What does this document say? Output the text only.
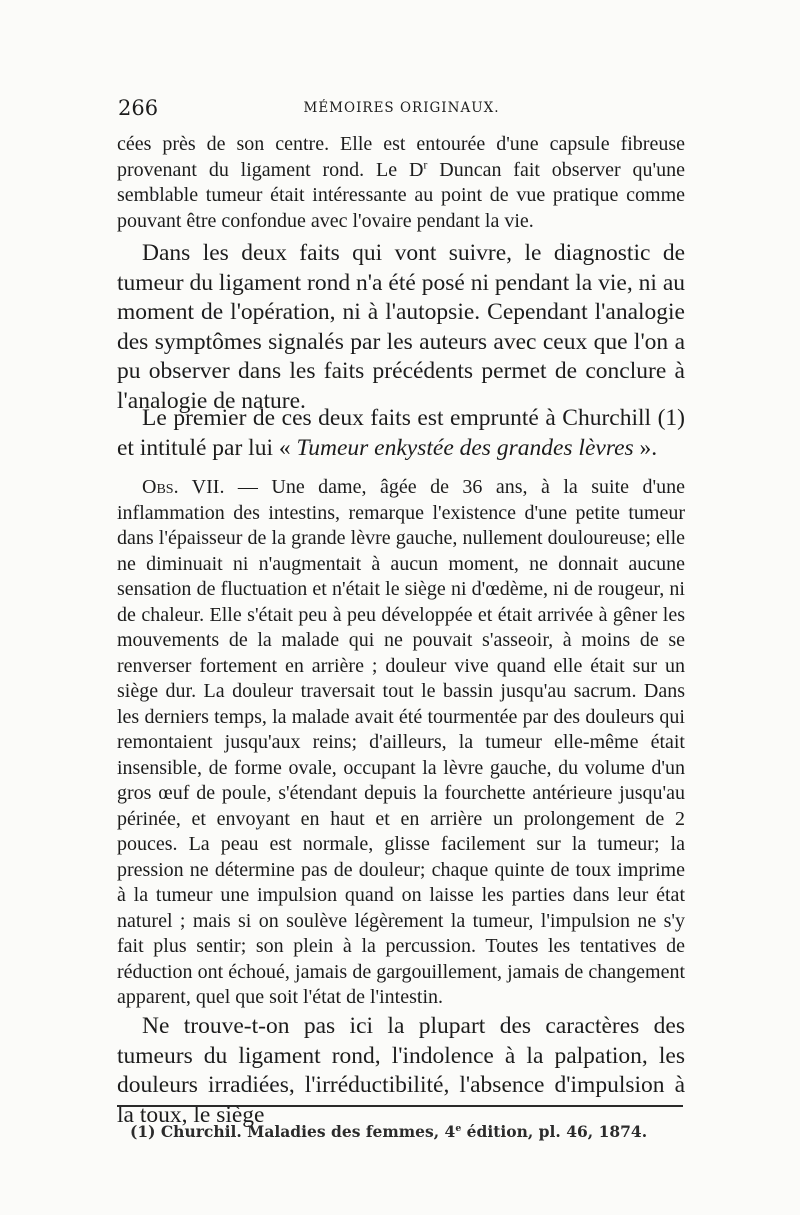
266	MÉMOIRES ORIGINAUX.

cées près de son centre. Elle est entourée d'une capsule fibreuse provenant du ligament rond. Le $D^r$ Duncan fait observer qu'une semblable tumeur était intéressante au point de vue pratique comme pouvant être confondue avec l'ovaire pendant la vie.

Dans les deux faits qui vont suivre, le diagnostic de tumeur du ligament rond n'a été posé ni pendant la vie, ni au moment de l'opération, ni à l'autopsie. Cependant l'analogie des symptômes signalés par les auteurs avec ceux que l'on a pu observer dans les faits précédents permet de conclure à l'analogie de nature.

Le premier de ces deux faits est emprunté à Churchill (1) et intitulé par lui « Tumeur enkystée des grandes lèvres ».

Obs. VII. — Une dame, âgée de 36 ans, à la suite d'une inflammation des intestins, remarque l'existence d'une petite tumeur dans l'épaisseur de la grande lèvre gauche, nullement douloureuse; elle ne diminuait ni n'augmentait à aucun moment, ne donnait aucune sensation de fluctuation et n'était le siège ni d'œdème, ni de rougeur, ni de chaleur. Elle s'était peu à peu développée et était arrivée à gêner les mouvements de la malade qui ne pouvait s'asseoir, à moins de se renverser fortement en arrière ; douleur vive quand elle était sur un siège dur. La douleur traversait tout le bassin jusqu'au sacrum. Dans les derniers temps, la malade avait été tourmentée par des douleurs qui remontaient jusqu'aux reins; d'ailleurs, la tumeur elle-même était insensible, de forme ovale, occupant la lèvre gauche, du volume d'un gros œuf de poule, s'étendant depuis la fourchette antérieure jusqu'au périnée, et envoyant en haut et en arrière un prolongement de 2 pouces. La peau est normale, glisse facilement sur la tumeur; la pression ne détermine pas de douleur; chaque quinte de toux imprime à la tumeur une impulsion quand on laisse les parties dans leur état naturel ; mais si on soulève légèrement la tumeur, l'impulsion ne s'y fait plus sentir; son plein à la percussion. Toutes les tentatives de réduction ont échoué, jamais de gargouillement, jamais de changement apparent, quel que soit l'état de l'intestin.

Ne trouve-t-on pas ici la plupart des caractères des tumeurs du ligament rond, l'indolence à la palpation, les douleurs irradiées, l'irréductibilité, l'absence d'impulsion à la toux, le siège

(1) Churchil. Maladies des femmes, 4e édition, pl. 46, 1874.
